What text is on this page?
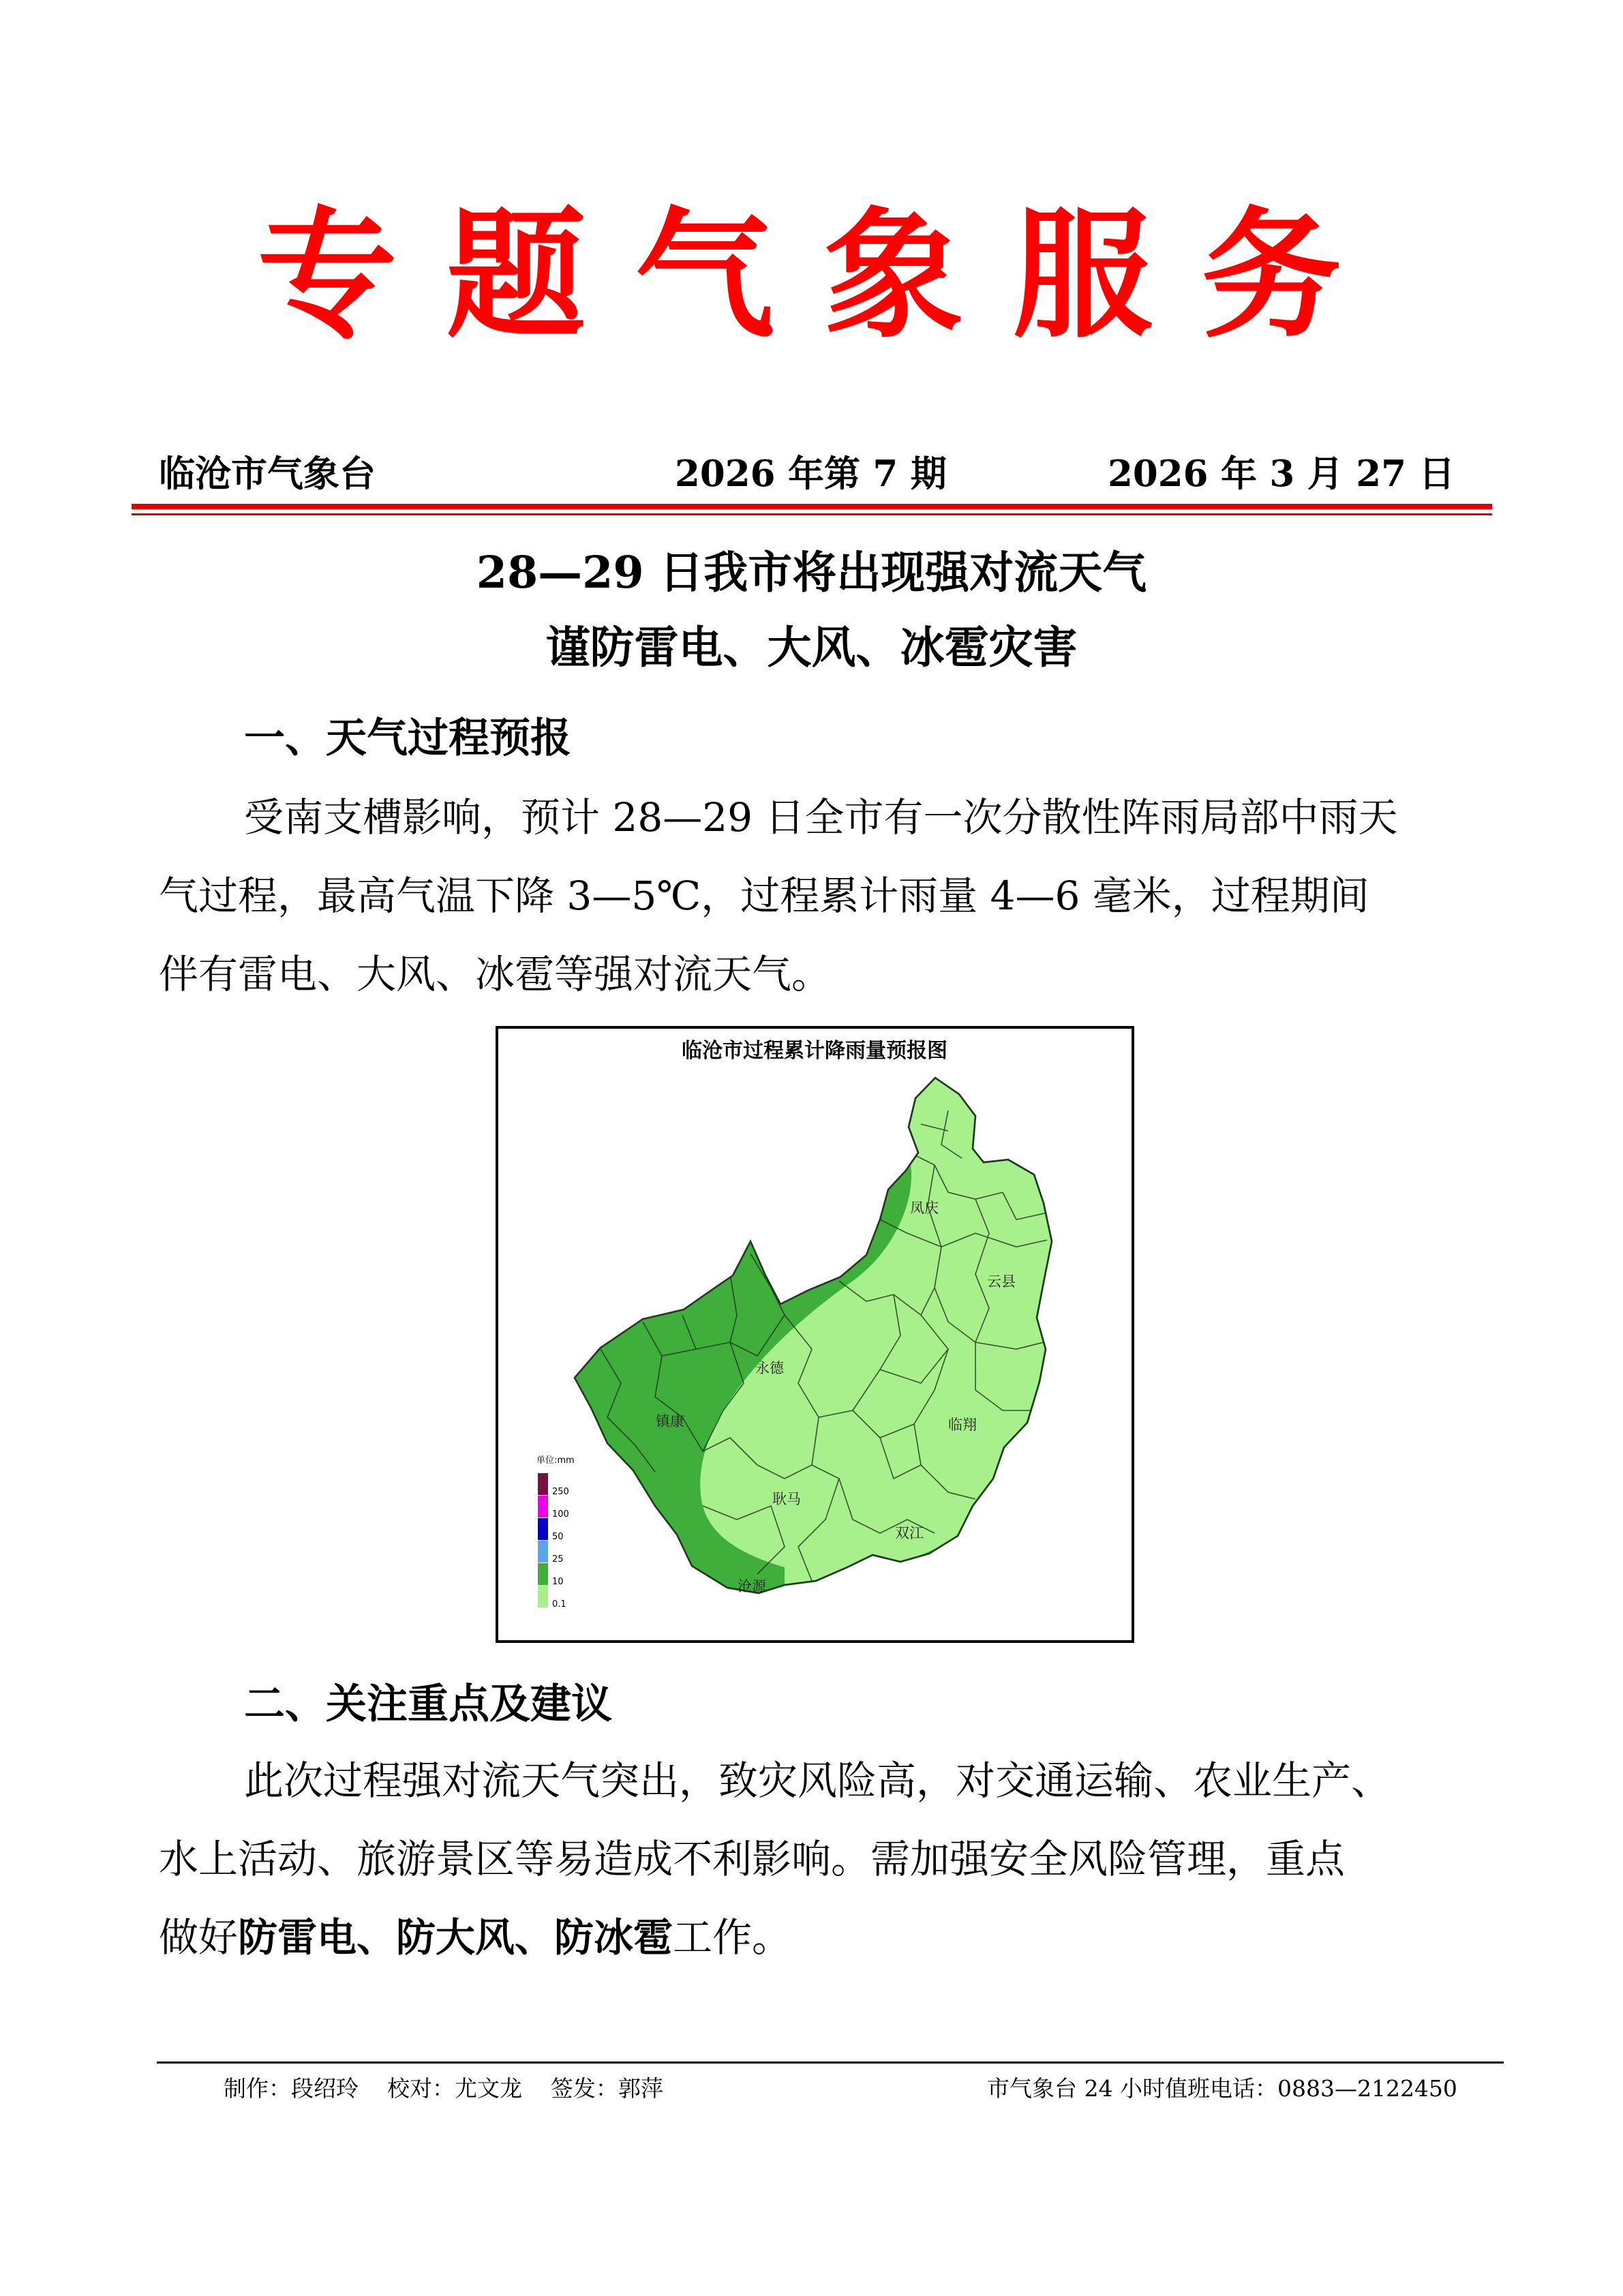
专题气象服务
临沧市气象台	2026 年第 7 期	2026 年 3 月 27 日
28—29 日我市将出现强对流天气
谨防雷电、大风、冰雹灾害
一、天气过程预报
受南支槽影响，预计 28—29 日全市有一次分散性阵雨局部中雨天
气过程，最高气温下降 3—5℃，过程累计雨量 4—6 毫米，过程期间
伴有雷电、大风、冰雹等强对流天气。
临沧市过程累计降雨量预报图
凤庆
云县
永德
镇康	临翔
耿马
双江
沧源
单位:mm
250
100
50
25
10
0.1
二、关注重点及建议
此次过程强对流天气突出，致灾风险高，对交通运输、农业生产、
水上活动、旅游景区等易造成不利影响。需加强安全风险管理，重点
做好防雷电、防大风、防冰雹工作。
制作：段绍玲    校对：尤文龙    签发：郭萍	市气象台 24 小时值班电话：0883—2122450
